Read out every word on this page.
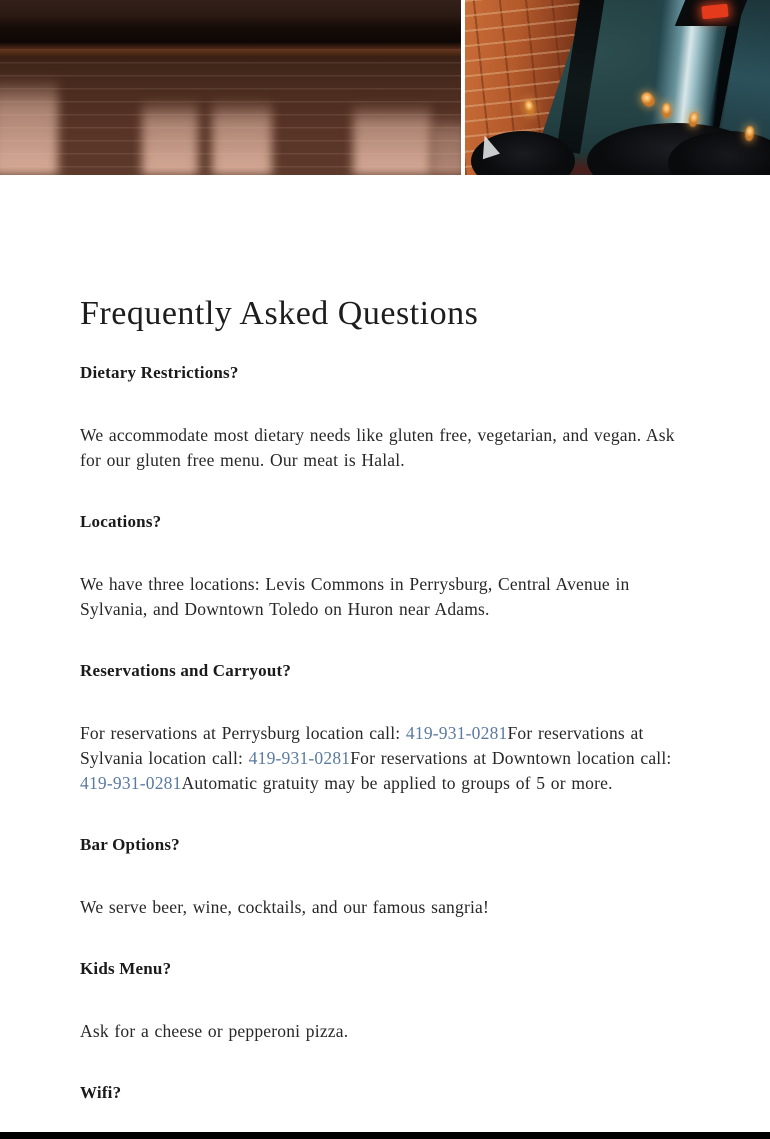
Frequently Asked Questions
Dietary Restrictions?

We accommodate most dietary needs like gluten free, vegetarian, and vegan. Ask for our gluten free menu. Our meat is Halal.

Locations?

We have three locations: Levis Commons in Perrysburg, Central Avenue in Sylvania, and Downtown Toledo on Huron near Adams.

Reservations and Carryout?

For reservations at Perrysburg location call: 419-931-0281For reservations at Sylvania location call: 419-931-0281For reservations at Downtown location call: 419-931-0281Automatic gratuity may be applied to groups of 5 or more.

Bar Options?

We serve beer, wine, cocktails, and our famous sangria!

Kids Menu?

Ask for a cheese or pepperoni pizza.

Wifi?
